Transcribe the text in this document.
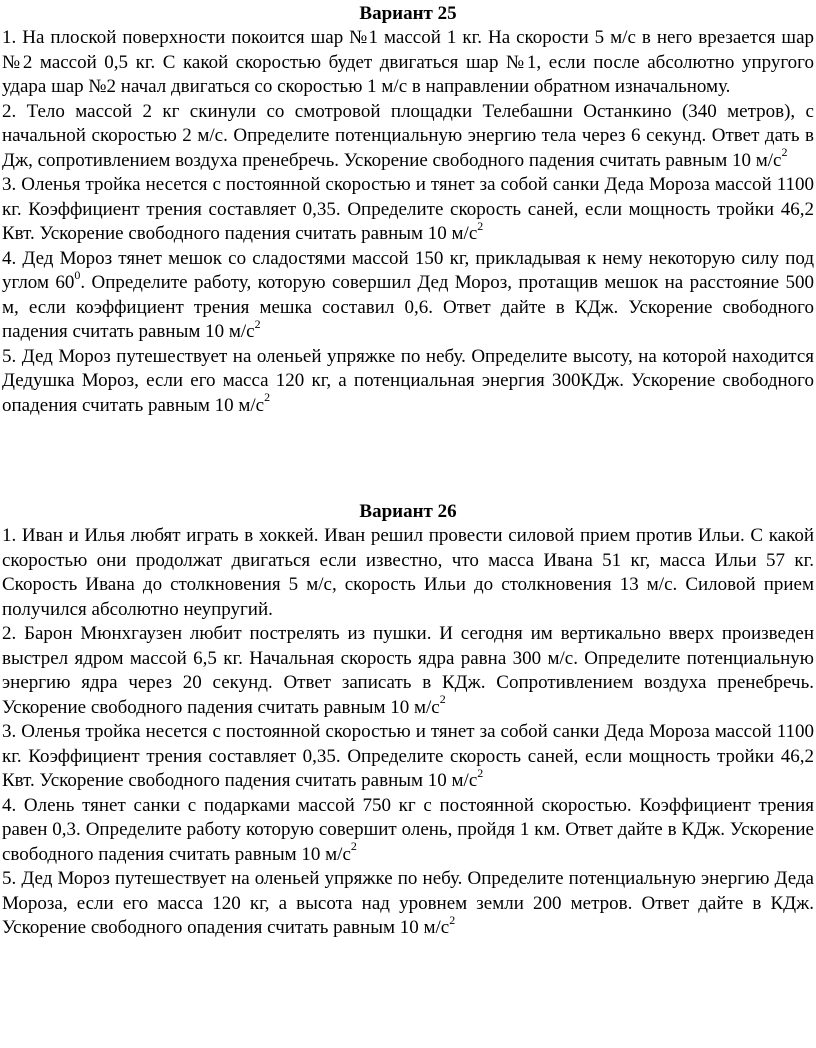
Вариант 25

1. На плоской поверхности покоится шар №1 массой 1 кг. На скорости 5 м/с в него врезается шар №2 массой 0,5 кг. С какой скоростью будет двигаться шар №1, если после абсолютно упругого удара шар №2 начал двигаться со скоростью 1 м/с в направлении обратном изначальному.

2. Тело массой 2 кг скинули со смотровой площадки Телебашни Останкино (340 метров), с начальной скоростью 2 м/с. Определите потенциальную энергию тела через 6 секунд. Ответ дать в Дж, сопротивлением воздуха пренебречь. Ускорение свободного падения считать равным 10 $м/с^2$

3. Оленья тройка несется с постоянной скоростью и тянет за собой санки Деда Мороза массой 1100 кг. Коэффициент трения составляет 0,35. Определите скорость саней, если мощность тройки 46,2 Квт. Ускорение свободного падения считать равным 10 $м/с^2$

4. Дед Мороз тянет мешок со сладостями массой 150 кг, прикладывая к нему некоторую силу под углом $60^0$. Определите работу, которую совершил Дед Мороз, протащив мешок на расстояние 500 м, если коэффициент трения мешка составил 0,6. Ответ дайте в КДж. Ускорение свободного падения считать равным 10 $м/с^2$

5. Дед Мороз путешествует на оленьей упряжке по небу. Определите высоту, на которой находится Дедушка Мороз, если его масса 120 кг, а потенциальная энергия 300КДж. Ускорение свободного опадения считать равным 10 $м/с^2$

Вариант 26

1. Иван и Илья любят играть в хоккей. Иван решил провести силовой прием против Ильи. С какой скоростью они продолжат двигаться если известно, что масса Ивана 51 кг, масса Ильи 57 кг. Скорость Ивана до столкновения 5 м/с, скорость Ильи до столкновения 13 м/с. Силовой прием получился абсолютно неупругий.

2. Барон Мюнхгаузен любит пострелять из пушки. И сегодня им вертикально вверх произведен выстрел ядром массой 6,5 кг. Начальная скорость ядра равна 300 м/с. Определите потенциальную энергию ядра через 20 секунд. Ответ записать в КДж. Сопротивлением воздуха пренебречь. Ускорение свободного падения считать равным 10 $м/с^2$

3. Оленья тройка несется с постоянной скоростью и тянет за собой санки Деда Мороза массой 1100 кг. Коэффициент трения составляет 0,35. Определите скорость саней, если мощность тройки 46,2 Квт. Ускорение свободного падения считать равным 10 $м/с^2$

4. Олень тянет санки с подарками массой 750 кг с постоянной скоростью. Коэффициент трения равен 0,3. Определите работу которую совершит олень, пройдя 1 км. Ответ дайте в КДж. Ускорение свободного падения считать равным 10 $м/с^2$

5. Дед Мороз путешествует на оленьей упряжке по небу. Определите потенциальную энергию Деда Мороза, если его масса 120 кг, а высота над уровнем земли 200 метров. Ответ дайте в КДж. Ускорение свободного опадения считать равным 10 $м/с^2$
